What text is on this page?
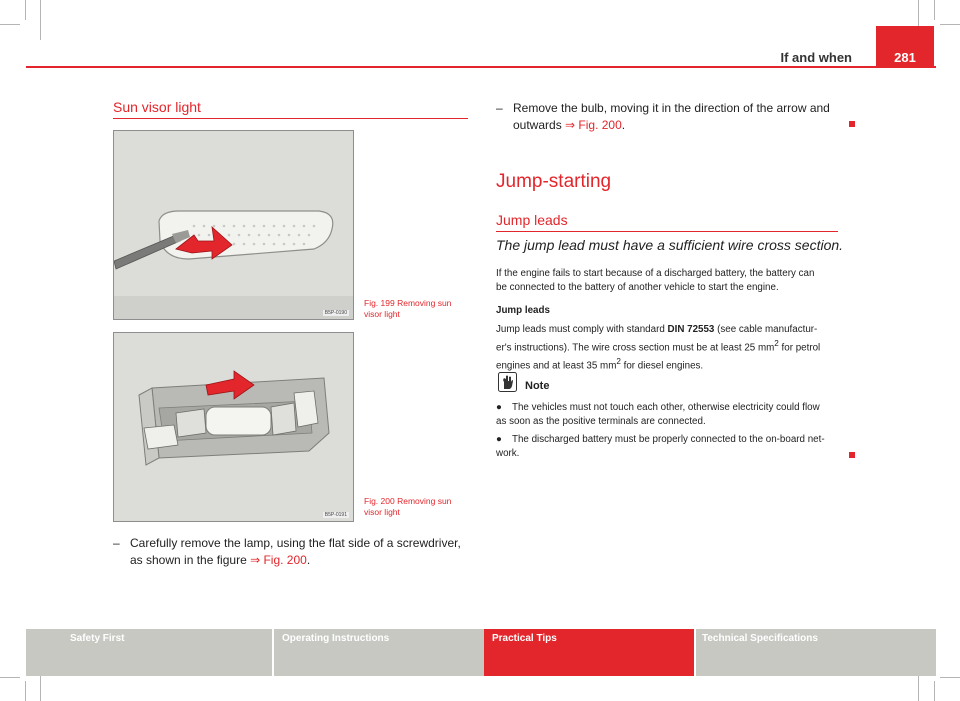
If and when	281
Sun visor light
B5P-0190
Fig. 199 Removing sun
visor light
B5P-0191
Fig. 200 Removing sun
visor light
– Carefully remove the lamp, using the flat side of a screwdriver,
as shown in the figure ⇒ Fig. 200.
– Remove the bulb, moving it in the direction of the arrow and
outwards ⇒ Fig. 200.
Jump-starting
Jump leads
The jump lead must have a sufficient wire cross section.
If the engine fails to start because of a discharged battery, the battery can
be connected to the battery of another vehicle to start the engine.
Jump leads
Jump leads must comply with standard DIN 72553 (see cable manufactur-
er's instructions). The wire cross section must be at least 25 $mm^2$ for petrol
engines and at least 35 $mm^2$ for diesel engines.
Note
●	The vehicles must not touch each other, otherwise electricity could flow
as soon as the positive terminals are connected.
●	The discharged battery must be properly connected to the on-board net-
work.
Safety First	Operating Instructions	Practical Tips	Technical Specifications
